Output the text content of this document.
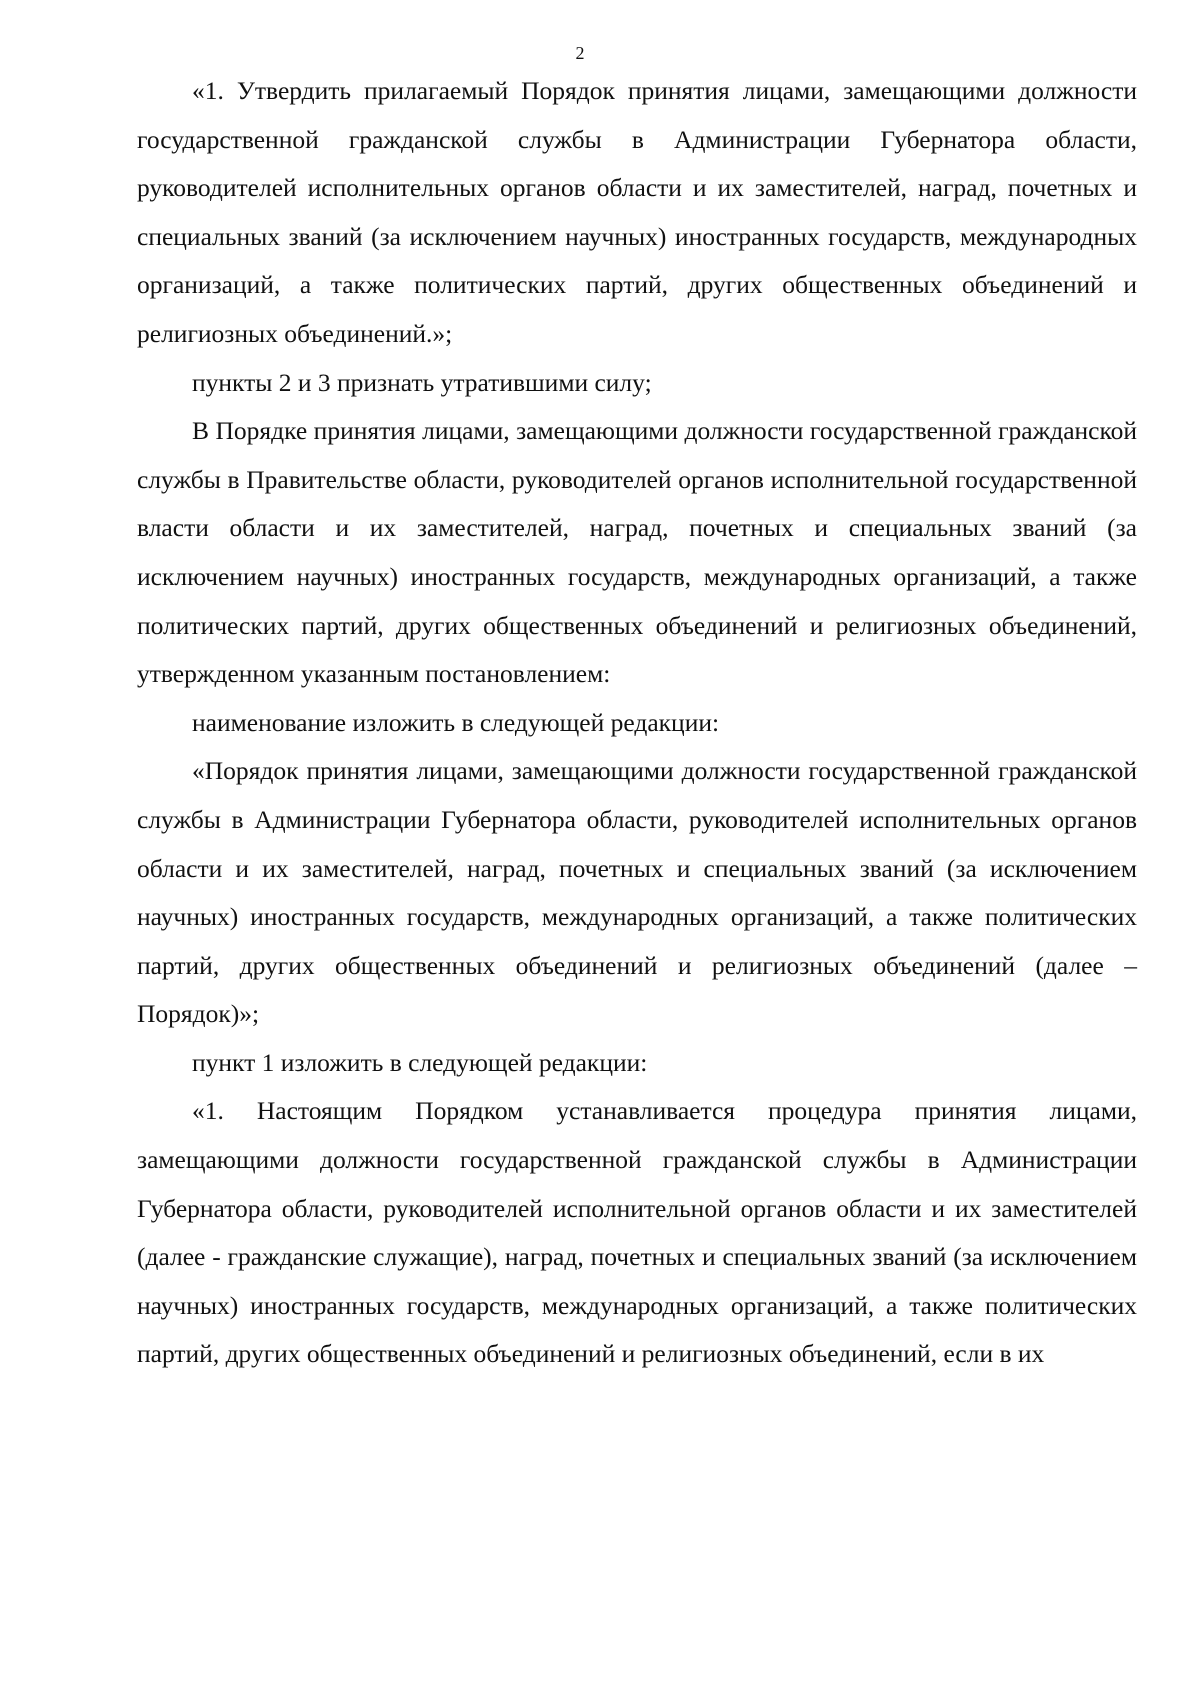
2

«1. Утвердить прилагаемый Порядок принятия лицами, замещающими должности государственной гражданской службы в Администрации Губернатора области, руководителей исполнительных органов области и их заместителей, наград, почетных и специальных званий (за исключением научных) иностранных государств, международных организаций, а также политических партий, других общественных объединений и религиозных объединений.»;

пункты 2 и 3 признать утратившими силу;

В Порядке принятия лицами, замещающими должности государственной гражданской службы в Правительстве области, руководителей органов исполнительной государственной власти области и их заместителей, наград, почетных и специальных званий (за исключением научных) иностранных государств, международных организаций, а также политических партий, других общественных объединений и религиозных объединений, утвержденном указанным постановлением:

наименование изложить в следующей редакции:

«Порядок принятия лицами, замещающими должности государственной гражданской службы в Администрации Губернатора области, руководителей исполнительных органов области и их заместителей, наград, почетных и специальных званий (за исключением научных) иностранных государств, международных организаций, а также политических партий, других общественных объединений и религиозных объединений (далее – Порядок)»;

пункт 1 изложить в следующей редакции:

«1. Настоящим Порядком устанавливается процедура принятия лицами, замещающими должности государственной гражданской службы в Администрации Губернатора области, руководителей исполнительной органов области и их заместителей (далее - гражданские служащие), наград, почетных и специальных званий (за исключением научных) иностранных государств, международных организаций, а также политических партий, других общественных объединений и религиозных объединений, если в их
